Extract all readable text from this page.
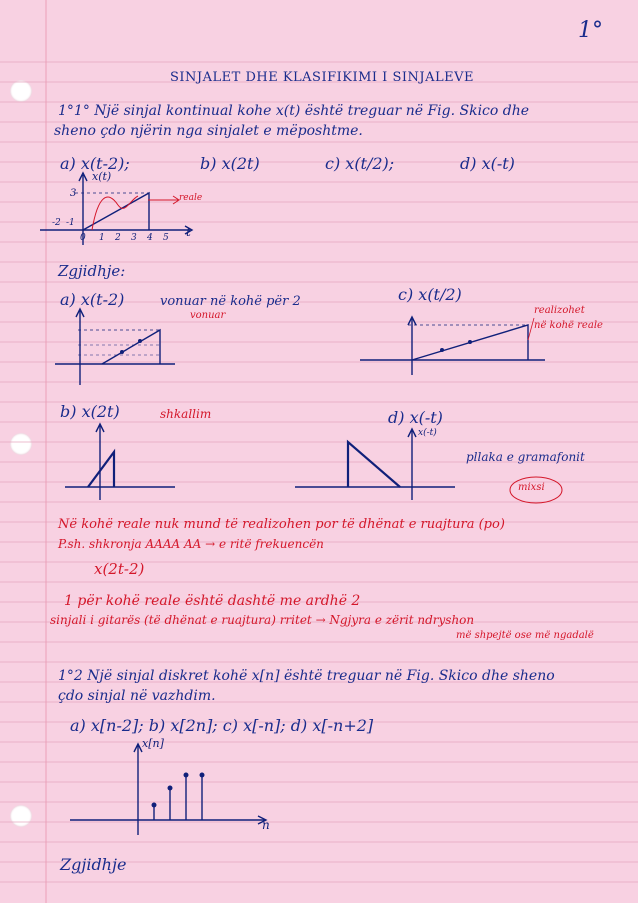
1°
SINJALET DHE KLASIFIKIMI I SINJALEVE
1°1° Një sinjal kontinual kohe x(t) është treguar në Fig. Skico dhe
sheno çdo njërin nga sinjalet e mëposhtme.
a) x(t-2);	b) x(2t)	c) x(t/2);	d) x(-t)
x(t)
reale
3
-2 -1
0 1 2 3 4 5 t
Zgjidhje:
a) x(t-2)	vonuar në kohë për 2
vonuar
c) x(t/2)
realizohet
në kohë reale
b) x(2t)	shkallim	d) x(-t)
x(-t)
pllaka e gramafonit
mixsi
Në kohë reale nuk mund të realizohen por të dhënat e ruajtura (po)
P.sh. shkronja AAAA AA → e ritë frekuencën
x(2t-2)
1 për kohë reale është dashtë me ardhë 2
sinjali i gitarës (të dhënat e ruajtura) rritet → Ngjyra e zërit ndryshon
më shpejtë ose më ngadalë
1°2 Një sinjal diskret kohë x[n] është treguar në Fig. Skico dhe sheno
çdo sinjal në vazhdim.
a) x[n-2]; b) x[2n]; c) x[-n]; d) x[-n+2]
x[n]
n
Zgjidhje
